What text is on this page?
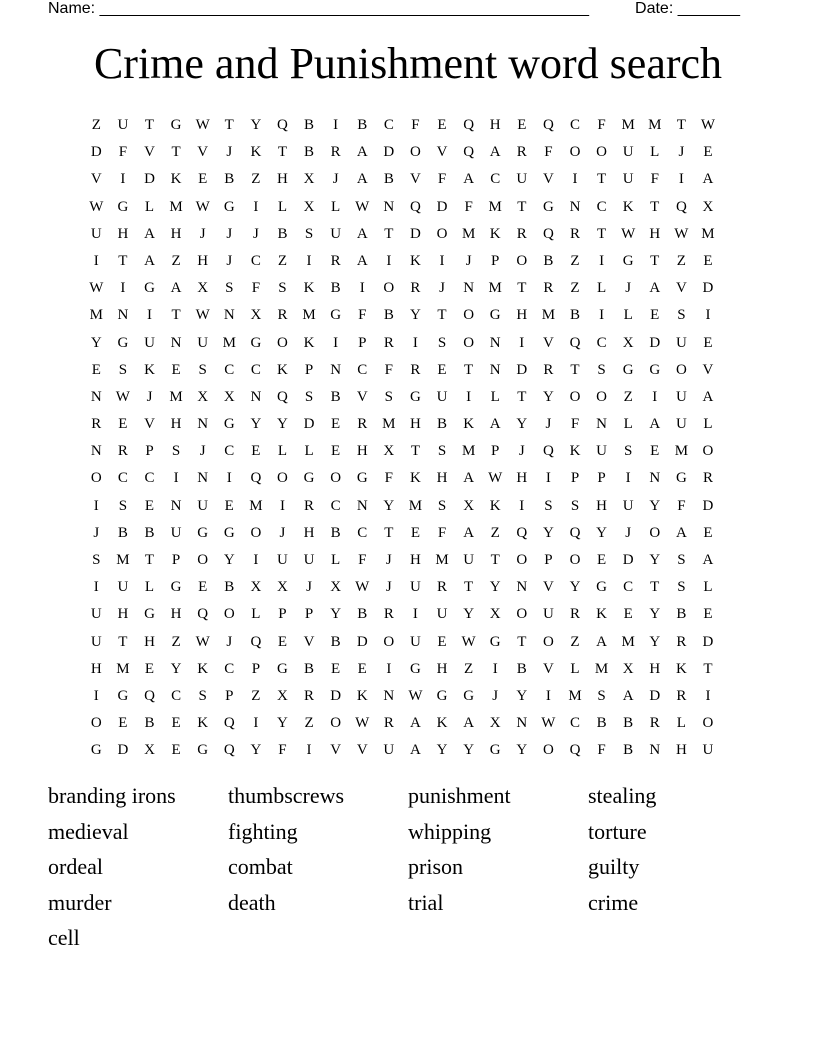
Name: _______________________________________________________	Date: _______
Crime and Punishment word search
Z	U	T	G W T	Y	Q	B	I	B	C	F	E	Q	H	E	Q	C	F	M M	T W
D	F	V	T	V	J	K	T	B	R	A	D	O	V	Q	A	R	F	O	O	U	L	J	E
V	I	D	K	E	B	Z	H	X	J	A	B	V	F	A	C	U	V	I	T	U	F	I	A
W G	L	M W G	I	L	X	L W N	Q	D	F	M	T	G	N	C	K	T	Q	X
U	H	A	H	J	J	J	B	S	U	A	T	D	O M K	R	Q	R	T W H W M
I	T	A	Z	H	J	C	Z	I	R	A	I	K	I	J	P	O	B	Z	I	G	T	Z	E
W	I	G	A	X	S	F	S	K	B	I	O	R	J	N M	T	R	Z	L	J	A	V	D
M N	I	T W N	X	R M G	F	B	Y	T	O	G	H M B	I	L	E	S	I
Y	G	U	N	U M G	O	K	I	P	R	I	S	O	N	I	V	Q	C	X	D	U	E
E	S	K	E	S	C	C	K	P	N	C	F	R	E	T	N	D	R	T	S	G	G	O	V
N W	J	M X	X	N	Q	S	B	V	S	G	U	I	L	T	Y	O	O	Z	I	U	A
R	E	V	H	N	G	Y	Y	D	E	R M H	B	K	A	Y	J	F	N	L	A	U	L
N	R	P	S	J	C	E	L	L	E	H	X	T	S	M	P	J	Q	K	U	S	E	M O
O	C	C	I	N	I	Q	O	G	O	G	F	K	H	A W H	I	P	P	I	N	G	R
I	S	E	N	U	E	M	I	R	C	N	Y M	S	X	K	I	S	S	H	U	Y	F	D
J	B	B	U	G	G	O	J	H	B	C	T	E	F	A	Z	Q	Y	Q	Y	J	O	A	E
S	M	T	P	O	Y	I	U	U	L	F	J	H M U	T	O	P	O	E	D	Y	S	A
I	U	L	G	E	B	X	X	J	X W	J	U	R	T	Y	N	V	Y	G	C	T	S	L
U	H	G	H	Q	O	L	P	P	Y	B	R	I	U	Y	X	O	U	R	K	E	Y	B	E
U	T	H	Z W	J	Q	E	V	B	D	O	U	E W G	T	O	Z	A M Y	R	D
H M	E	Y	K	C	P	G	B	E	E	I	G	H	Z	I	B	V	L	M X	H	K	T
I	G	Q	C	S	P	Z	X	R	D	K	N W G	G	J	Y	I	M	S	A	D	R	I
O	E	B	E	K	Q	I	Y	Z	O W R	A	K	A	X	N W C	B	B	R	L	O
G	D	X	E	G	Q	Y	F	I	V	V	U	A	Y	Y	G	Y	O	Q	F	B	N	H	U
branding irons	thumbscrews	punishment	stealing
medieval	fighting	whipping	torture
ordeal	combat	prison	guilty
murder	death	trial	crime
cell
